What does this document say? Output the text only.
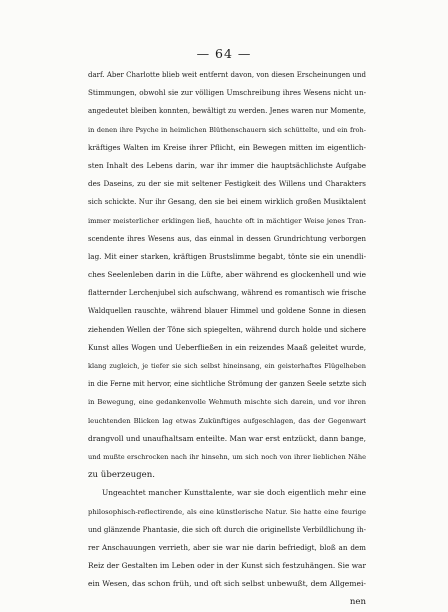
— 64 —
darf. Aber Charlotte blieb weit entfernt davon, von diesen Erscheinungen und
Stimmungen, obwohl sie zur völligen Umschreibung ihres Wesens nicht un-
angedeutet bleiben konnten, bewältigt zu werden. Jenes waren nur Momente,
in denen ihre Psyche in heimlichen Blüthenschauern sich schüttelte, und ein froh-
kräftiges Walten im Kreise ihrer Pflicht, ein Bewegen mitten im eigentlich-
sten Inhalt des Lebens darin, war ihr immer die hauptsächlichste Aufgabe
des Daseins, zu der sie mit seltener Festigkeit des Willens und Charakters
sich schickte. Nur ihr Gesang, den sie bei einem wirklich großen Musiktalent
immer meisterlicher erklingen ließ, hauchte oft in mächtiger Weise jenes Tran-
scendente ihres Wesens aus, das einmal in dessen Grundrichtung verborgen
lag. Mit einer starken, kräftigen Brustslimme begabt, tönte sie ein unendli-
ches Seelenleben darin in die Lüfte, aber während es glockenhell und wie
flatternder Lerchenjubel sich aufschwang, während es romantisch wie frische
Waldquellen rauschte, während blauer Himmel und goldene Sonne in diesen
ziehenden Wellen der Töne sich spiegelten, während durch holde und sichere
Kunst alles Wogen und Ueberfließen in ein reizendes Maaß geleitet wurde,
klang zugleich, je tiefer sie sich selbst hineinsang, ein geisterhaftes Flügelheben
in die Ferne mit hervor, eine sichtliche Strömung der ganzen Seele setzte sich
in Bewegung, eine gedankenvolle Wehmuth mischte sich darein, und vor ihren
leuchtenden Blicken lag etwas Zukünftiges aufgeschlagen, das der Gegenwart
drangvoll und unaufhaltsam enteilte. Man war erst entzückt, dann bange,
und mußte erschrocken nach ihr hinsehn, um sich noch von ihrer lieblichen Nähe
zu überzeugen.
Ungeachtet mancher Kunsttalente, war sie doch eigentlich mehr eine
philosophisch-reflectirende, als eine künstlerische Natur. Sie hatte eine feurige
und glänzende Phantasie, die sich oft durch die originellste Verbildlichung ih-
rer Anschauungen verrieth, aber sie war nie darin befriedigt, bloß an dem
Reiz der Gestalten im Leben oder in der Kunst sich festzuhängen. Sie war
ein Wesen, das schon früh, und oft sich selbst unbewußt, dem Allgemei-
nen
